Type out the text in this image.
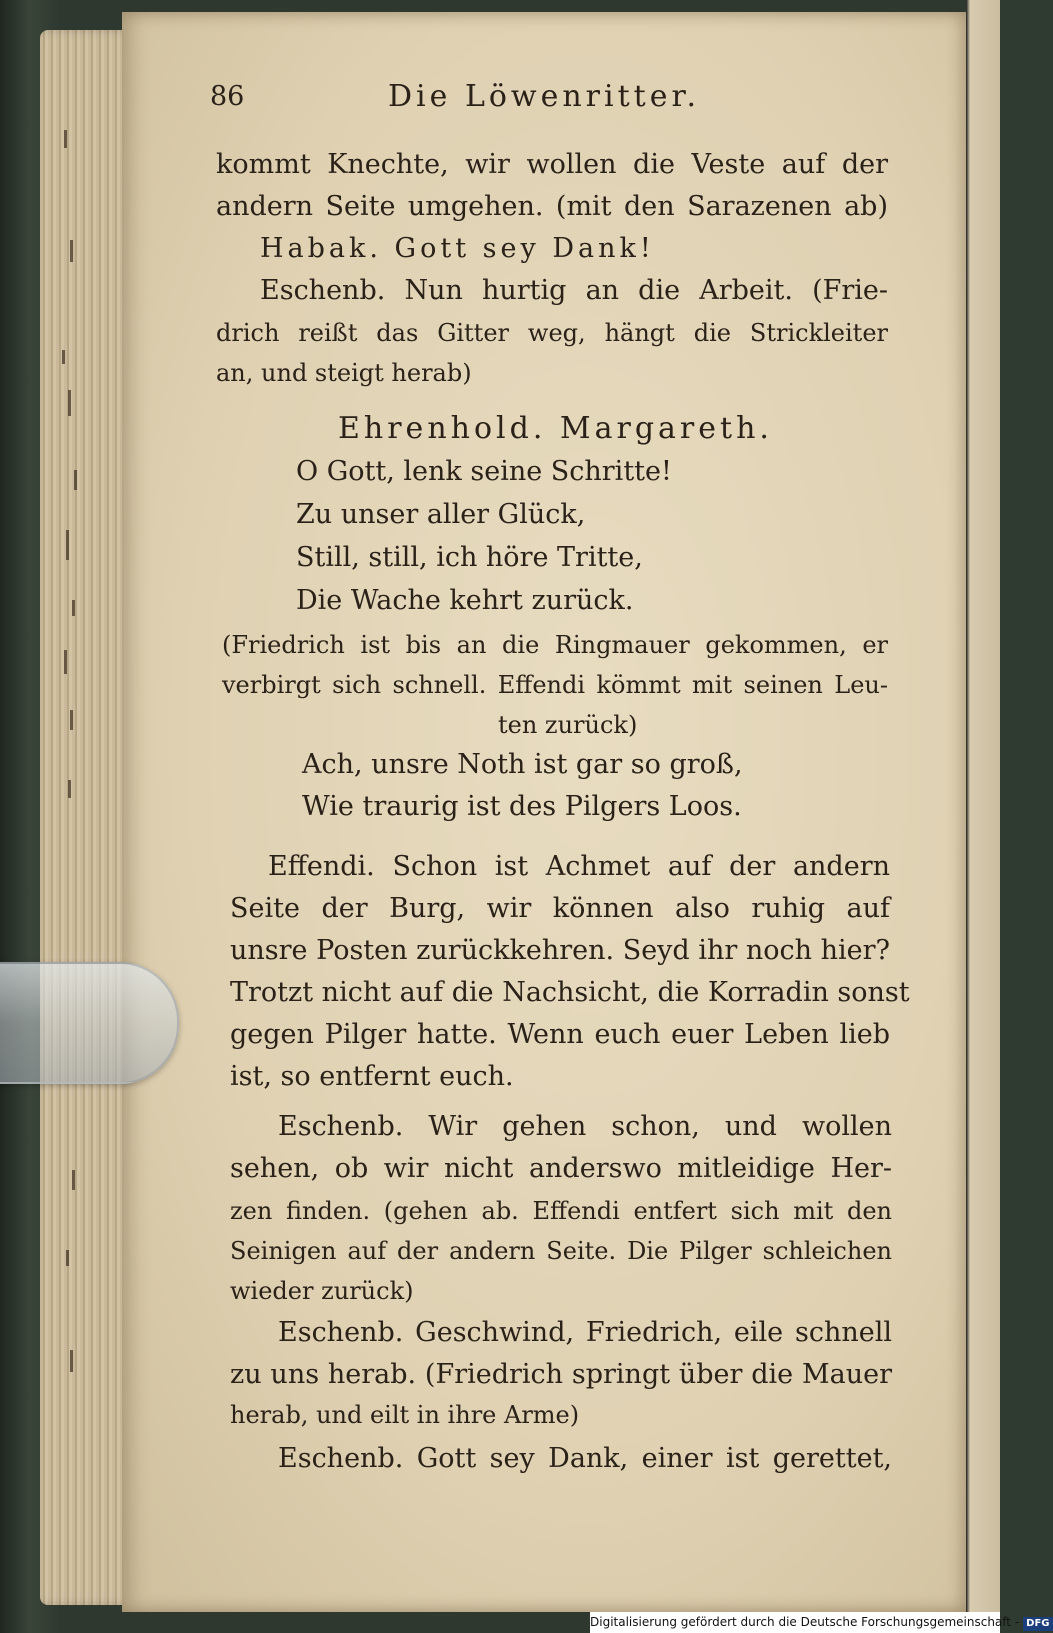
86	Die Löwenritter.
kommt Knechte, wir wollen die Veste auf der
andern Seite umgehen. (mit den Sarazenen ab)
Habak. Gott sey Dank!
Eschenb. Nun hurtig an die Arbeit. (Frie-
drich reißt das Gitter weg, hängt die Strickleiter
an, und steigt herab)
Ehrenhold. Margareth.
O Gott, lenk seine Schritte!
Zu unser aller Glück,
Still, still, ich höre Tritte,
Die Wache kehrt zurück.
(Friedrich ist bis an die Ringmauer gekommen, er
verbirgt sich schnell. Effendi kömmt mit seinen Leu-
ten zurück)
Ach, unsre Noth ist gar so groß,
Wie traurig ist des Pilgers Loos.
Effendi. Schon ist Achmet auf der andern
Seite der Burg, wir können also ruhig auf
unsre Posten zurückkehren. Seyd ihr noch hier?
Trotzt nicht auf die Nachsicht, die Korradin sonst
gegen Pilger hatte. Wenn euch euer Leben lieb
ist, so entfernt euch.
Eschenb. Wir gehen schon, und wollen
sehen, ob wir nicht anderswo mitleidige Her-
zen finden. (gehen ab. Effendi entfert sich mit den
Seinigen auf der andern Seite. Die Pilger schleichen
wieder zurück)
Eschenb. Geschwind, Friedrich, eile schnell
zu uns herab. (Friedrich springt über die Mauer
herab, und eilt in ihre Arme)
Eschenb. Gott sey Dank, einer ist gerettet,
Digitalisierung gefördert durch die Deutsche Forschungsgemeinschaft - DFG
